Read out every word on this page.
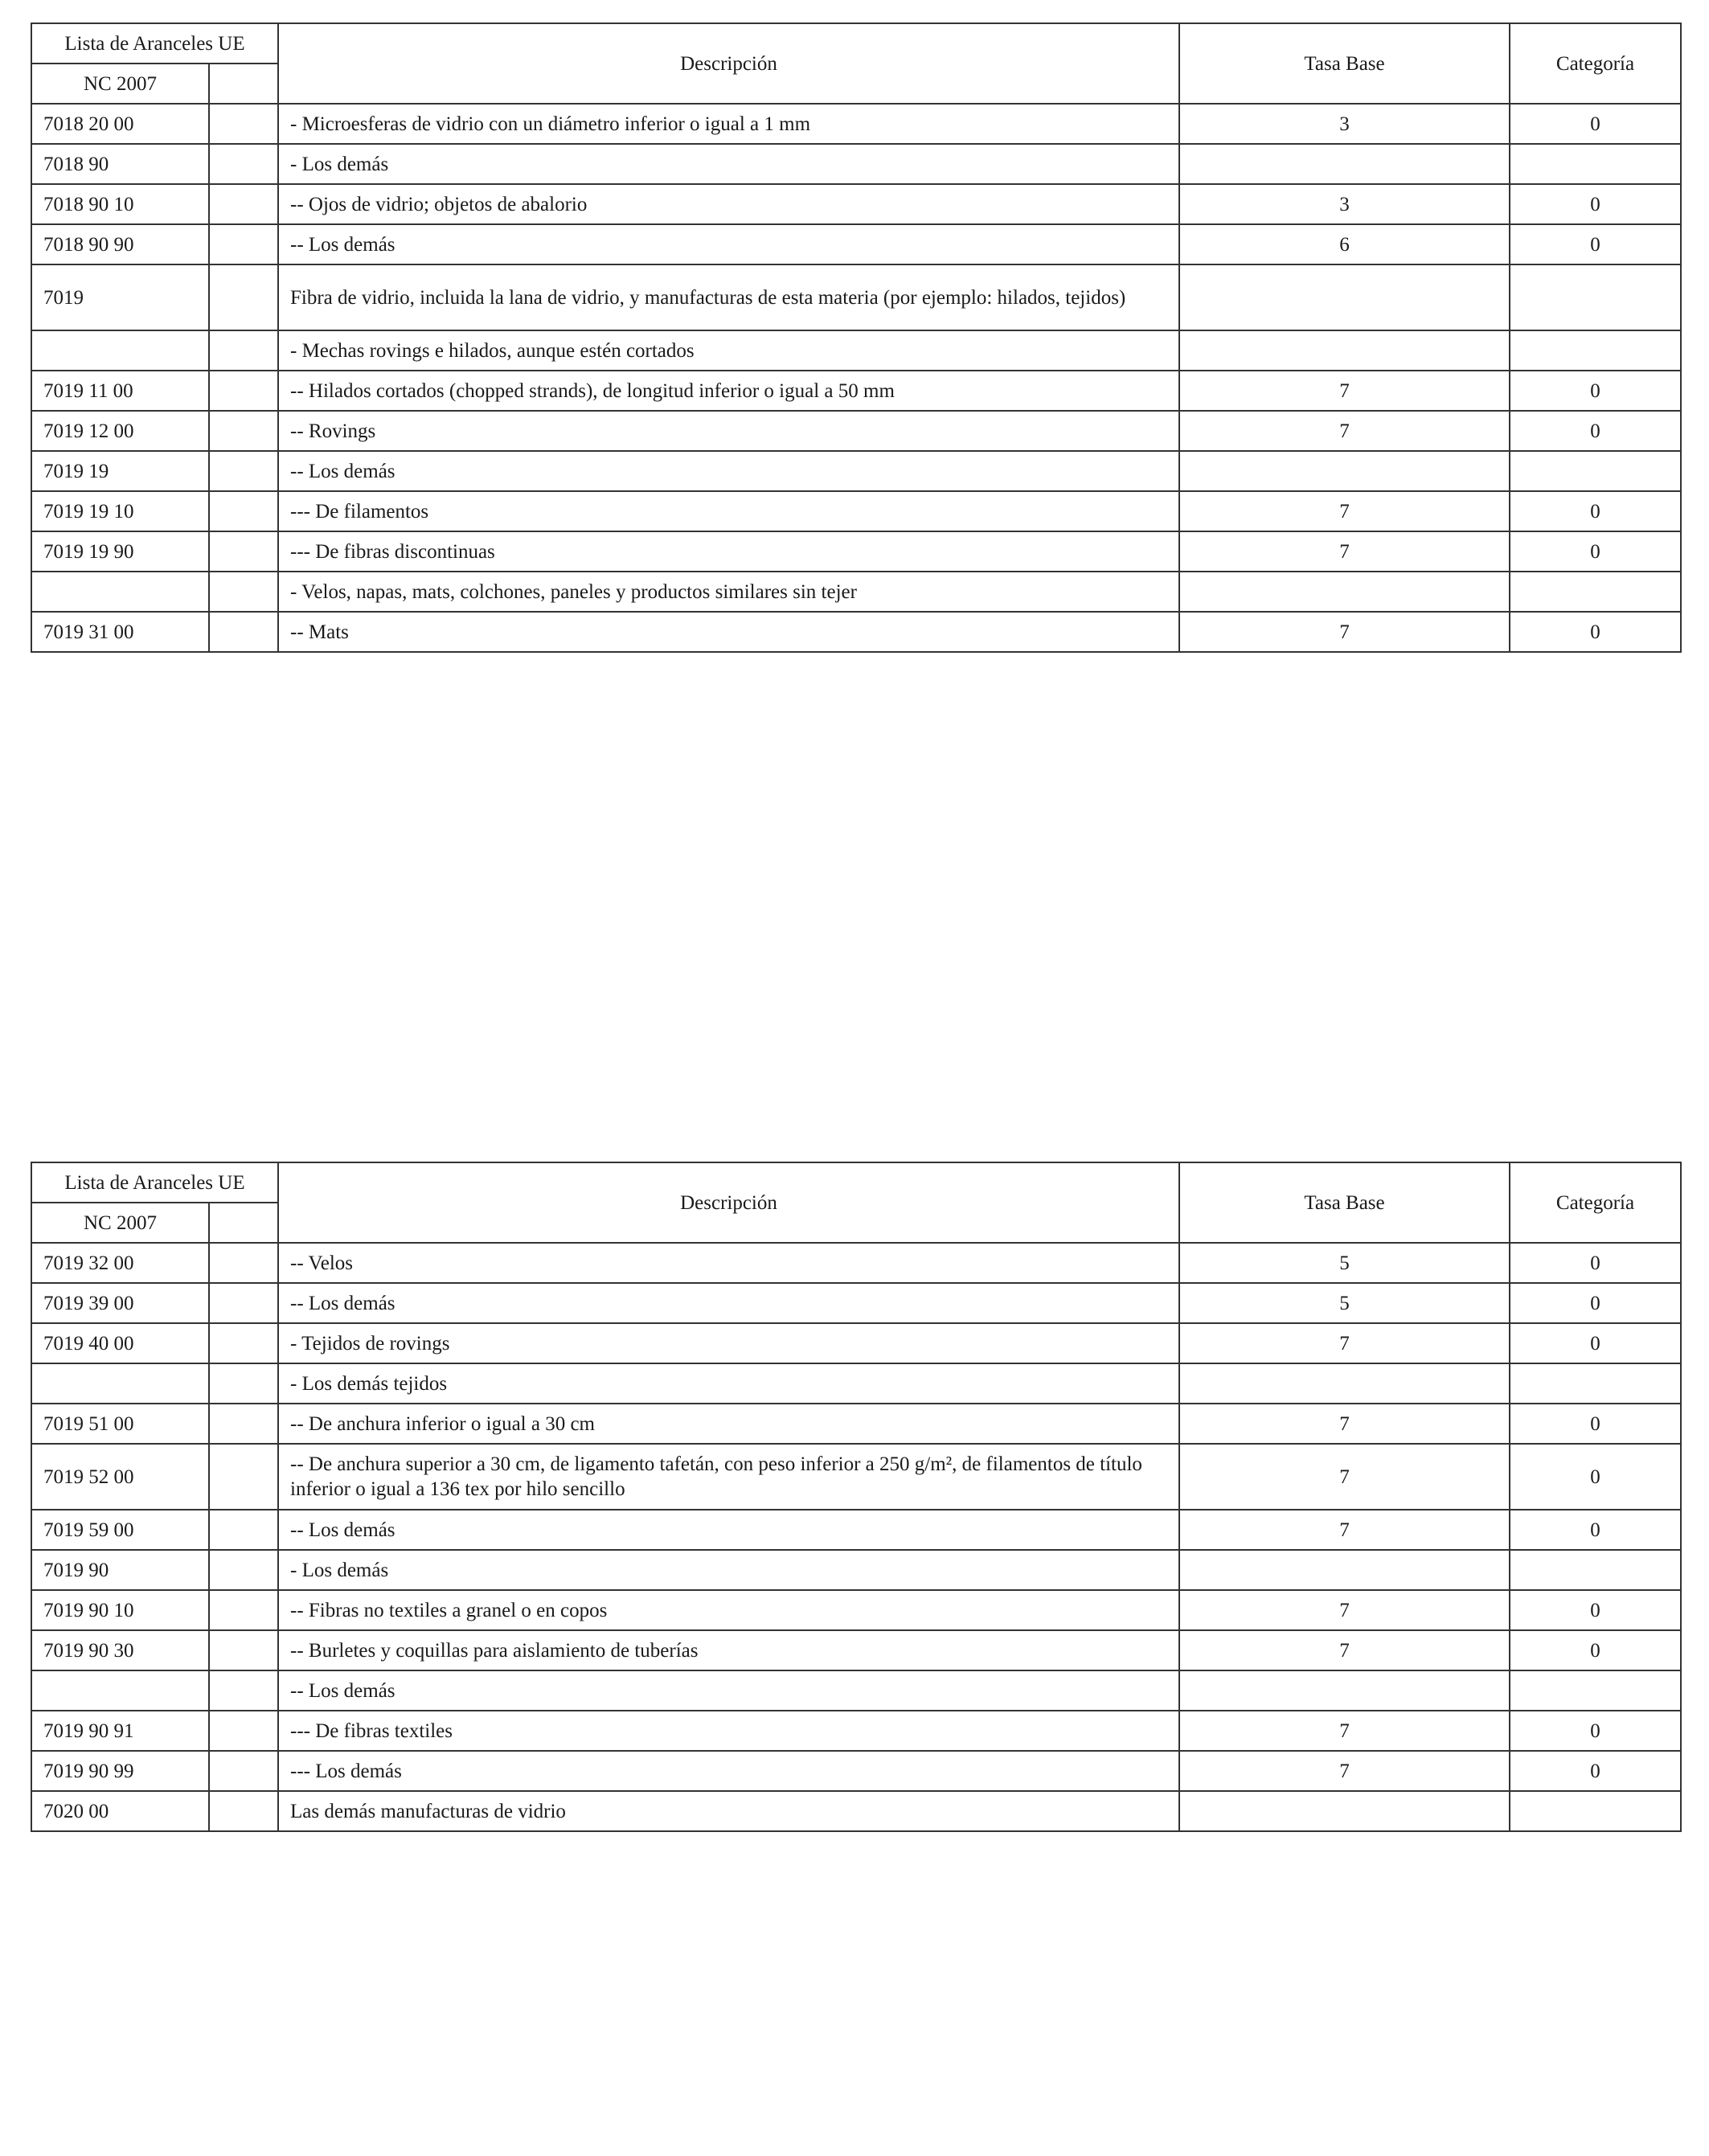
Lista de Aranceles UE		Descripción	Tasa Base	Categoría
NC 2007				
7018 20 00		- Microesferas de vidrio con un diámetro inferior o igual a 1 mm	3	0
7018 90		- Los demás		
7018 90 10		-- Ojos de vidrio; objetos de abalorio	3	0
7018 90 90		-- Los demás	6	0
7019		Fibra de vidrio, incluida la lana de vidrio, y manufacturas de esta materia (por ejemplo: hilados, tejidos)		
		- Mechas rovings e hilados, aunque estén cortados		
7019 11 00		-- Hilados cortados (chopped strands), de longitud inferior o igual a 50 mm	7	0
7019 12 00		-- Rovings	7	0
7019 19		-- Los demás		
7019 19 10		--- De filamentos	7	0
7019 19 90		--- De fibras discontinuas	7	0
		- Velos, napas, mats, colchones, paneles y productos similares sin tejer		
7019 31 00		-- Mats	7	0
Lista de Aranceles UE		Descripción	Tasa Base	Categoría
NC 2007				
7019 32 00		-- Velos	5	0
7019 39 00		-- Los demás	5	0
7019 40 00		- Tejidos de rovings	7	0
		- Los demás tejidos		
7019 51 00		-- De anchura inferior o igual a 30 cm	7	0
7019 52 00		-- De anchura superior a 30 cm, de ligamento tafetán, con peso inferior a 250 g/m², de filamentos de título inferior o igual a 136 tex por hilo sencillo	7	0
7019 59 00		-- Los demás	7	0
7019 90		- Los demás		
7019 90 10		-- Fibras no textiles a granel o en copos	7	0
7019 90 30		-- Burletes y coquillas para aislamiento de tuberías	7	0
		-- Los demás		
7019 90 91		--- De fibras textiles	7	0
7019 90 99		--- Los demás	7	0
7020 00		Las demás manufacturas de vidrio		
